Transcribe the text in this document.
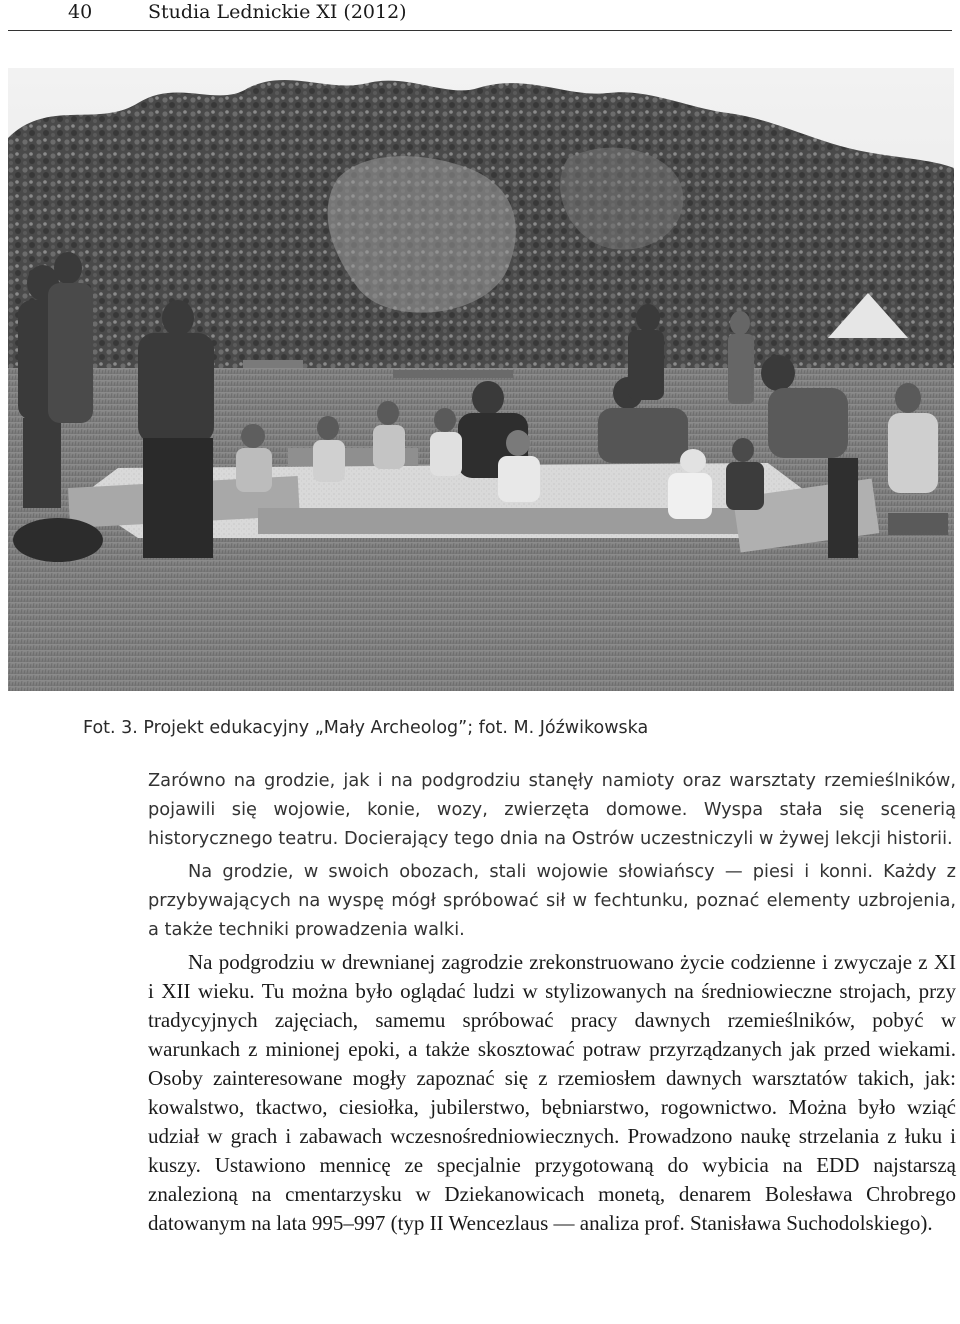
40	Studia Lednickie XI (2012)
Fot. 3. Projekt edukacyjny „Mały Archeolog”; fot. M. Jóźwikowska

Zarówno na grodzie, jak i na podgrodziu stanęły namioty oraz warsztaty rzemieślników, pojawili się wojowie, konie, wozy, zwierzęta domowe. Wyspa stała się scenerią historycznego teatru. Docierający tego dnia na Ostrów uczestniczyli w żywej lekcji historii.

Na grodzie, w swoich obozach, stali wojowie słowiańscy — piesi i konni. Każdy z przybywających na wyspę mógł spróbować sił w fechtunku, poznać elementy uzbrojenia, a także techniki prowadzenia walki.

Na podgrodziu w drewnianej zagrodzie zrekonstruowano życie codzienne i zwyczaje z XI i XII wieku. Tu można było oglądać ludzi w stylizowanych na średniowieczne strojach, przy tradycyjnych zajęciach, samemu spróbować pracy dawnych rzemieślników, pobyć w warunkach z minionej epoki, a także skosztować potraw przyrządzanych jak przed wiekami. Osoby zainteresowane mogły zapoznać się z rzemiosłem dawnych warsztatów takich, jak: kowalstwo, tkactwo, ciesiołka, jubilerstwo, bębniarstwo, rogownictwo. Można było wziąć udział w grach i zabawach wczesnośredniowiecznych. Prowadzono naukę strzelania z łuku i kuszy. Ustawiono mennicę ze specjalnie przygotowaną do wybicia na EDD najstarszą znalezioną na cmentarzysku w Dziekanowicach monetą, denarem Bolesława Chrobrego datowanym na lata 995–997 (typ II Wencezlaus — analiza prof. Stanisława Suchodolskiego).
